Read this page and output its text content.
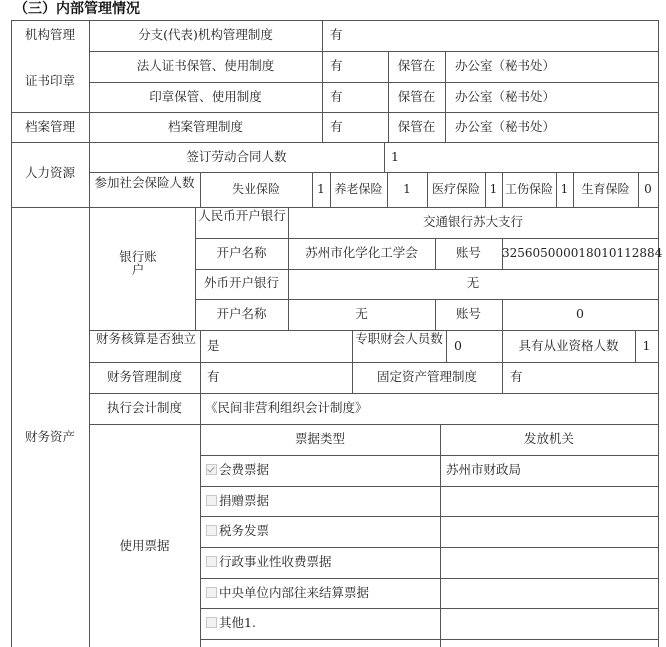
（三）内部管理情况
机构管理	分支(代表)机构管理制度	有
证书印章
法人证书保管、使用制度	有	保管在	办公室（秘书处）
印章保管、使用制度	有	保管在	办公室（秘书处）
档案管理	档案管理制度	有	保管在	办公室（秘书处）
人力资源
签订劳动合同人数	1
参加社会保险人数	失业保险	1 养老保险	1	医疗保险 1 工伤保险 1	生育保险	0
财务资产
银行账户
人民币开户银行	交通银行苏大支行
开户名称	苏州市化学化工学会	账号	325605000018010112884
外币开户银行	无
开户名称	无	账号	0
财务核算是否独立 是	专职财会人员数 0	具有从业资格人数	1
财务管理制度	有	固定资产管理制度	有
执行会计制度	《民间非营利组织会计制度》
使用票据
票据类型	发放机关
会费票据	苏州市财政局
捐赠票据
税务发票
行政事业性收费票据
中央单位内部往来结算票据
其他1.
